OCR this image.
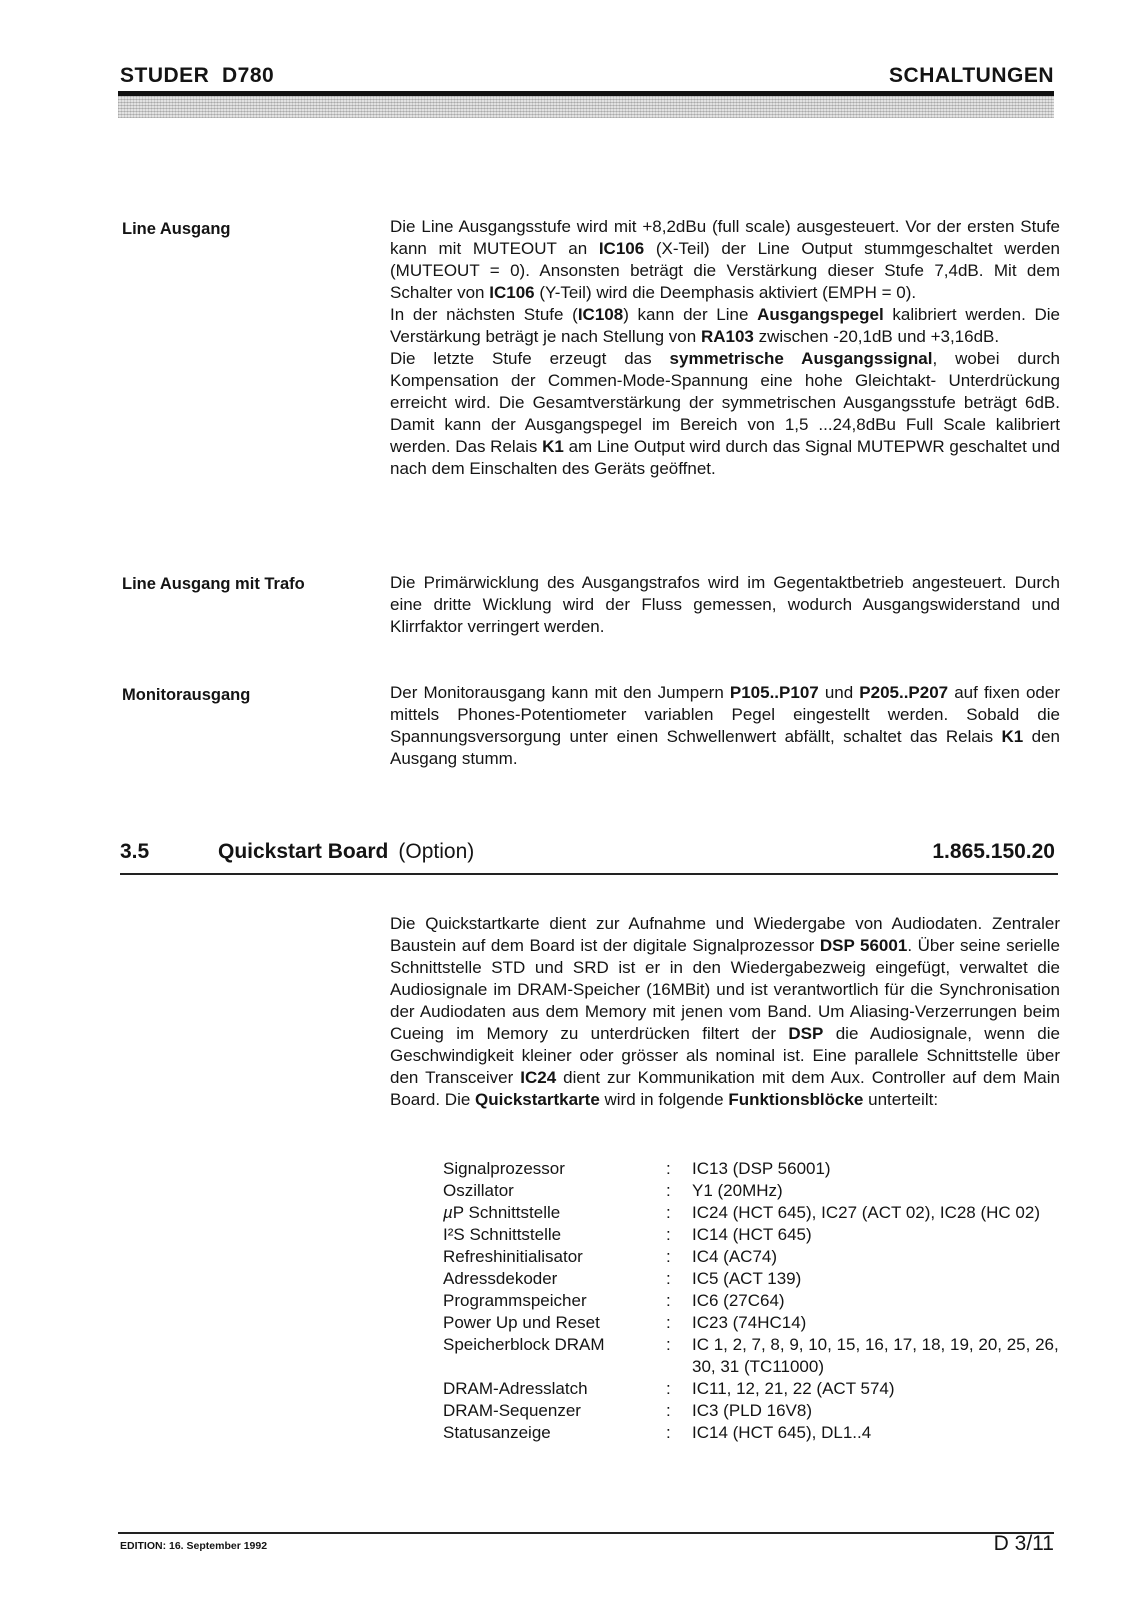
STUDER  D780	SCHALTUNGEN
Line Ausgang	Die Line Ausgangsstufe wird mit +8,2dBu (full scale) ausgesteuert. Vor der ersten Stufe kann mit MUTEOUT an IC106 (X-Teil) der Line Output stummgeschaltet werden (MUTEOUT = 0). Ansonsten beträgt die Verstärkung dieser Stufe 7,4dB. Mit dem Schalter von IC106 (Y-Teil) wird die Deemphasis aktiviert (EMPH = 0).

In der nächsten Stufe (IC108) kann der Line Ausgangspegel kalibriert werden. Die Verstärkung beträgt je nach Stellung von RA103 zwischen -20,1dB und +3,16dB.

Die letzte Stufe erzeugt das symmetrische Ausgangssignal, wobei durch Kompensation der Commen-Mode-Spannung eine hohe Gleichtakt- Unterdrückung erreicht wird. Die Gesamtverstärkung der symmetrischen Ausgangsstufe beträgt 6dB. Damit kann der Ausgangspegel im Bereich von 1,5 ...24,8dBu Full Scale kalibriert werden. Das Relais K1 am Line Output wird durch das Signal MUTEPWR geschaltet und nach dem Einschalten des Geräts geöffnet.

Line Ausgang mit Trafo	Die Primärwicklung des Ausgangstrafos wird im Gegentaktbetrieb angesteuert. Durch eine dritte Wicklung wird der Fluss gemessen, wodurch Ausgangswiderstand und Klirrfaktor verringert werden.

Monitorausgang	Der Monitorausgang kann mit den Jumpern P105..P107 und P205..P207 auf fixen oder mittels Phones-Potentiometer variablen Pegel eingestellt werden. Sobald die Spannungsversorgung unter einen Schwellenwert abfällt, schaltet das Relais K1 den Ausgang stumm.

3.5	Quickstart Board (Option)	1.865.150.20

Die Quickstartkarte dient zur Aufnahme und Wiedergabe von Audiodaten. Zentraler Baustein auf dem Board ist der digitale Signalprozessor DSP 56001. Über seine serielle Schnittstelle STD und SRD ist er in den Wiedergabezweig eingefügt, verwaltet die Audiosignale im DRAM-Speicher (16MBit) und ist verantwortlich für die Synchronisation der Audiodaten aus dem Memory mit jenen vom Band. Um Aliasing-Verzerrungen beim Cueing im Memory zu unterdrücken filtert der DSP die Audiosignale, wenn die Geschwindigkeit kleiner oder grösser als nominal ist. Eine parallele Schnittstelle über den Transceiver IC24 dient zur Kommunikation mit dem Aux. Controller auf dem Main Board. Die Quickstartkarte wird in folgende Funktionsblöcke unterteilt:

Signalprozessor	:	IC13 (DSP 56001)
Oszillator	:	Y1 (20MHz)
µP Schnittstelle	:	IC24 (HCT 645), IC27 (ACT 02), IC28 (HC 02)
I²S Schnittstelle	:	IC14 (HCT 645)
Refreshinitialisator	:	IC4 (AC74)
Adressdekoder	:	IC5 (ACT 139)
Programmspeicher	:	IC6 (27C64)
Power Up und Reset	:	IC23 (74HC14)
Speicherblock DRAM	:	IC 1, 2, 7, 8, 9, 10, 15, 16, 17, 18, 19, 20, 25, 26, 30, 31 (TC11000)
DRAM-Adresslatch	:	IC11, 12, 21, 22 (ACT 574)
DRAM-Sequenzer	:	IC3 (PLD 16V8)
Statusanzeige	:	IC14 (HCT 645), DL1..4
EDITION: 16. September 1992	D 3/11
